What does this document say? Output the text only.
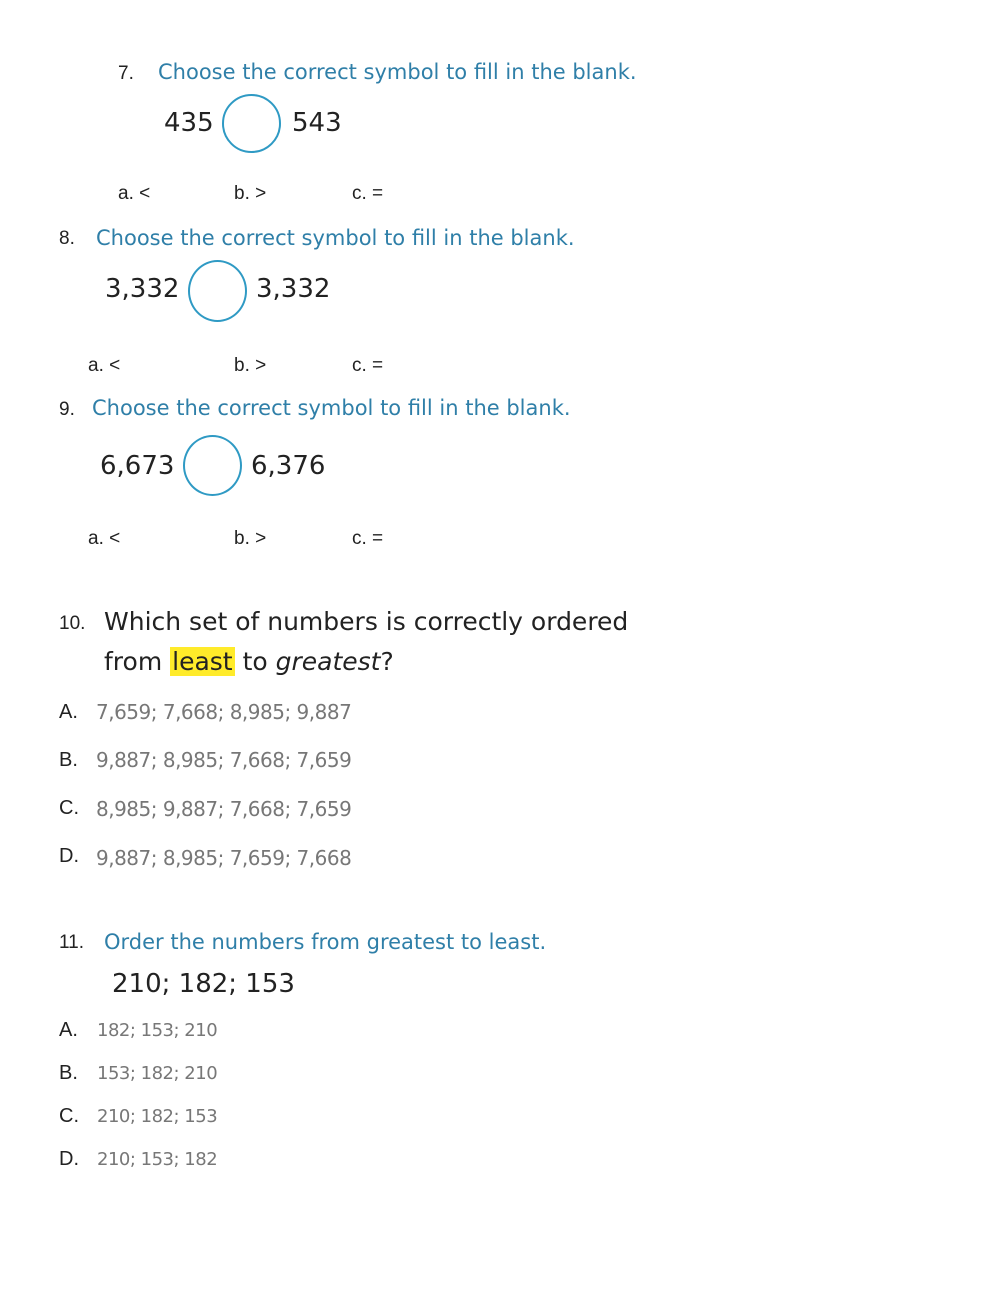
7. Choose the correct symbol to fill in the blank.
435	543
a. <	b. >	c. =
8. Choose the correct symbol to fill in the blank.
3,332	3,332
a. <	b. >	c. =
9. Choose the correct symbol to fill in the blank.
6,673	6,376
a. <	b. >	c. =
10. Which set of numbers is correctly ordered
from least to greatest?
A. 7,659; 7,668; 8,985; 9,887
B. 9,887; 8,985; 7,668; 7,659
C. 8,985; 9,887; 7,668; 7,659
D. 9,887; 8,985; 7,659; 7,668
11. Order the numbers from greatest to least.
210; 182; 153
A. 182; 153; 210
B. 153; 182; 210
C. 210; 182; 153
D. 210; 153; 182
